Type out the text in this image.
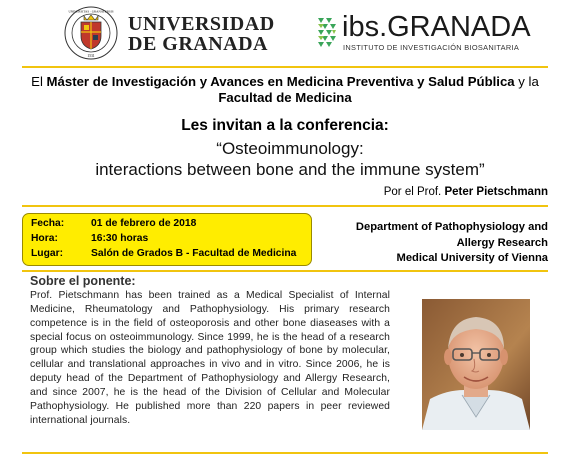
UNIVERSITAS · GRANATENSIS
1531
UNIVERSIDAD
DE GRANADA
ibs.GRANADA
INSTITUTO DE INVESTIGACIÓN BIOSANITARIA
El Máster de Investigación y Avances en Medicina Preventiva y Salud Pública y la Facultad de Medicina
Les invitan a la conferencia:
“Osteoimmunology:
interactions between bone and the immune system”
Por el Prof. Peter Pietschmann
Fecha:	01 de febrero de 2018
Hora:	16:30 horas
Lugar:	Salón de Grados B - Facultad de Medicina
Department of Pathophysiology and
Allergy Research
Medical University of Vienna
Sobre el ponente:
Prof. Pietschmann has been trained as a Medical Specialist of Internal Medicine, Rheumatology and Pathophysiology. His primary research competence is in the field of osteoporosis and other bone diaseases with a special focus on osteoimmunology. Since 1999, he is the head of a research group which studies the biology and pathophysiology of bone by molecular, cellular and translational approaches in vivo and in vitro. Since 2006, he is deputy head of the Department of Pathophysiology and Allergy Research, and since 2007, he is the head of the Division of Cellular and Molecular Pathophysiology. He published more than 220 papers in peer reviewed international journals.
